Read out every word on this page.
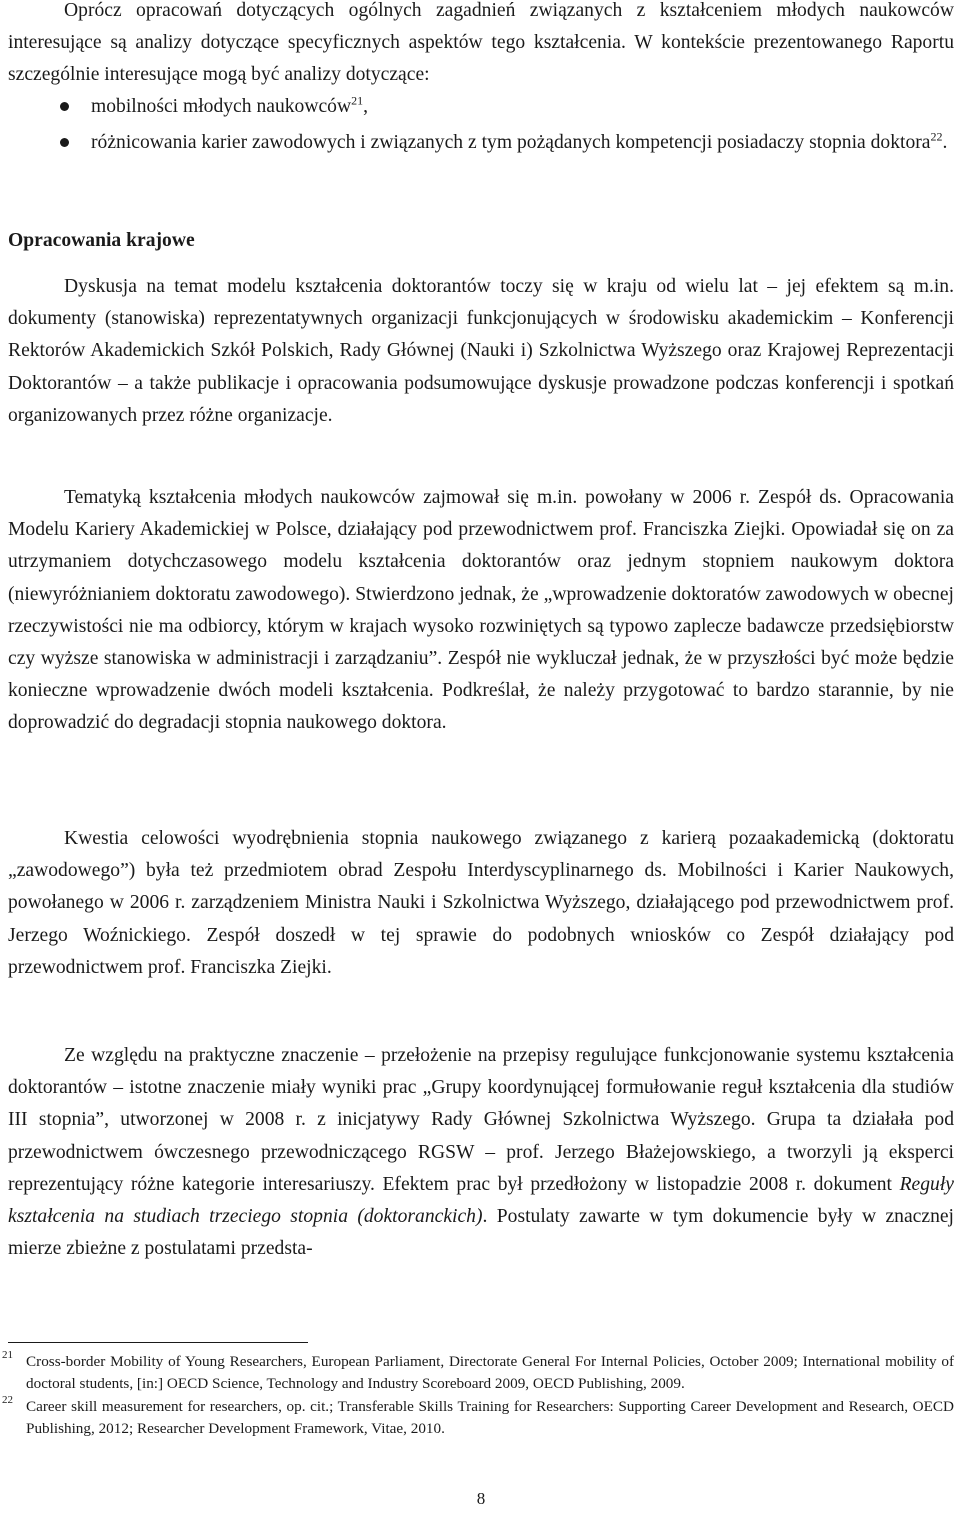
Oprócz opracowań dotyczących ogólnych zagadnień związanych z kształceniem młodych naukowców interesujące są analizy dotyczące specyficznych aspektów tego kształcenia. W kontekście prezentowanego Raportu szczególnie interesujące mogą być analizy dotyczące:

mobilności młodych naukowców$^{21}$,
różnicowania karier zawodowych i związanych z tym pożądanych kompetencji posiadaczy stopnia doktora$^{22}$.
Opracowania krajowe

Dyskusja na temat modelu kształcenia doktorantów toczy się w kraju od wielu lat – jej efektem są m.in. dokumenty (stanowiska) reprezentatywnych organizacji funkcjonujących w środowisku akademickim – Konferencji Rektorów Akademickich Szkół Polskich, Rady Głównej (Nauki i) Szkolnictwa Wyższego oraz Krajowej Reprezentacji Doktorantów – a także publikacje i opracowania podsumowujące dyskusje prowadzone podczas konferencji i spotkań organizowanych przez różne organizacje.

Tematyką kształcenia młodych naukowców zajmował się m.in. powołany w 2006 r. Zespół ds. Opracowania Modelu Kariery Akademickiej w Polsce, działający pod przewodnictwem prof. Franciszka Ziejki. Opowiadał się on za utrzymaniem dotychczasowego modelu kształcenia doktorantów oraz jednym stopniem naukowym doktora (niewyróżnianiem doktoratu zawodowego). Stwierdzono jednak, że „wprowadzenie doktoratów zawodowych w obecnej rzeczywistości nie ma odbiorcy, którym w krajach wysoko rozwiniętych są typowo zaplecze badawcze przedsiębiorstw czy wyższe stanowiska w administracji i zarządzaniu”. Zespół nie wykluczał jednak, że w przyszłości być może będzie konieczne wprowadzenie dwóch modeli kształcenia. Podkreślał, że należy przygotować to bardzo starannie, by nie doprowadzić do degradacji stopnia naukowego doktora.

Kwestia celowości wyodrębnienia stopnia naukowego związanego z karierą pozaakademicką (doktoratu „zawodowego”) była też przedmiotem obrad Zespołu Interdyscyplinarnego ds. Mobilności i Karier Naukowych, powołanego w 2006 r. zarządzeniem Ministra Nauki i Szkolnictwa Wyższego, działającego pod przewodnictwem prof. Jerzego Woźnickiego. Zespół doszedł w tej sprawie do podobnych wniosków co Zespół działający pod przewodnictwem prof. Franciszka Ziejki.

Ze względu na praktyczne znaczenie – przełożenie na przepisy regulujące funkcjonowanie systemu kształcenia doktorantów – istotne znaczenie miały wyniki prac „Grupy koordynującej formułowanie reguł kształcenia dla studiów III stopnia”, utworzonej w 2008 r. z inicjatywy Rady Głównej Szkolnictwa Wyższego. Grupa ta działała pod przewodnictwem ówczesnego przewodniczącego RGSW – prof. Jerzego Błażejowskiego, a tworzyli ją eksperci reprezentujący różne kategorie interesariuszy. Efektem prac był przedłożony w listopadzie 2008 r. dokument Reguły kształcenia na studiach trzeciego stopnia (doktoranckich). Postulaty zawarte w tym dokumencie były w znacznej mierze zbieżne z postulatami przedsta-

21 Cross-border Mobility of Young Researchers, European Parliament, Directorate General For Internal Policies, October 2009; International mobility of doctoral students, [in:] OECD Science, Technology and Industry Scoreboard 2009, OECD Publishing, 2009.
22 Career skill measurement for researchers, op. cit.; Transferable Skills Training for Researchers: Supporting Career Development and Research, OECD Publishing, 2012; Researcher Development Framework, Vitae, 2010.
8
